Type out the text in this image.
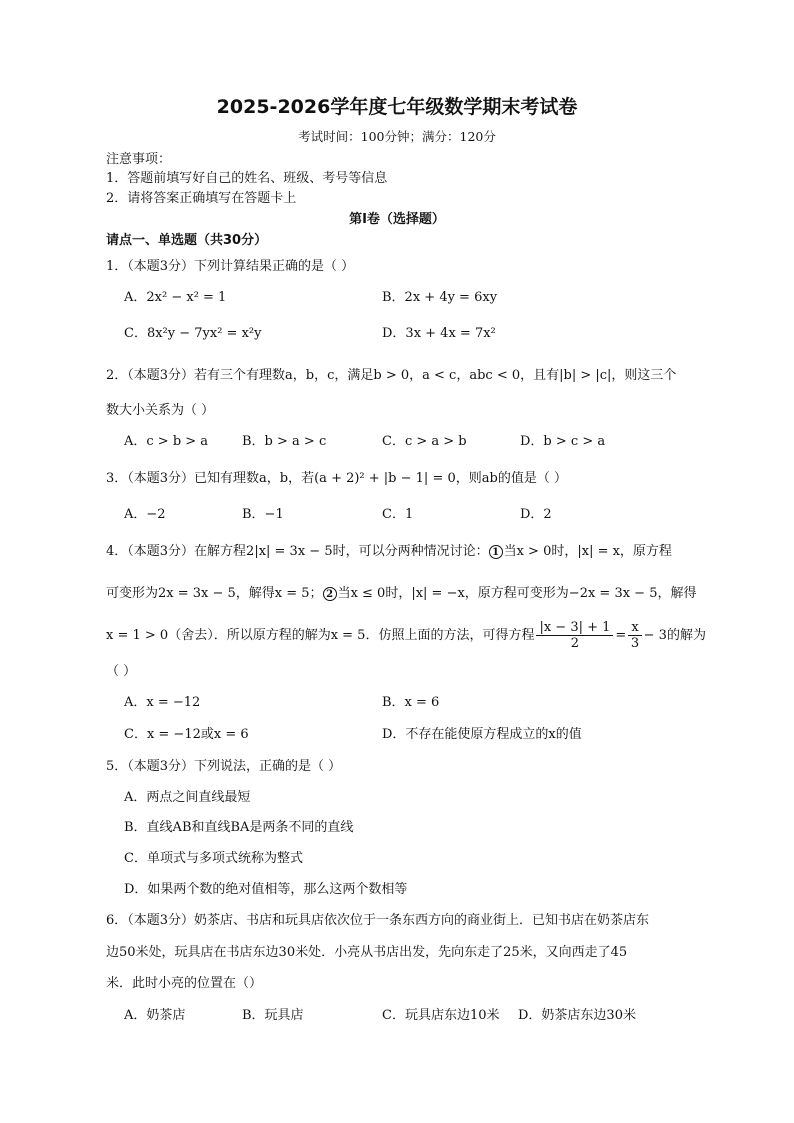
2025-2026学年度七年级数学期末考试卷
考试时间：100分钟；满分：120分
注意事项：
1．答题前填写好自己的姓名、班级、考号等信息
2．请将答案正确填写在答题卡上
第I卷（选择题）
请点一、单选题（共30分）
1．（本题3分）下列计算结果正确的是（ ）
A．2x² − x² = 1	B．2x + 4y = 6xy
C．8x²y − 7yx² = x²y	D．3x + 4x = 7x²
2．（本题3分）若有三个有理数a，b，c，满足b > 0，a < c，abc < 0，且有|b| > |c|，则这三个
数大小关系为（ ）
A．c > b > a	B．b > a > c	C．c > a > b	D．b > c > a
3．（本题3分）已知有理数a，b，若(a + 2)² + |b − 1| = 0，则ab的值是（ ）
A．−2	B．−1	C．1	D．2
4．（本题3分）在解方程2|x| = 3x − 5时，可以分两种情况讨论： 1 当x > 0时，|x| = x，原方程
可变形为2x = 3x − 5，解得x = 5； 2 当x ≤ 0时，|x| = −x，原方程可变形为−2x = 3x − 5，解得
x = 1 > 0（舍去）．所以原方程的解为x = 5．仿照上面的方法，可得方程 $\frac{|x - 3| + 1}{2} = \frac{x}{3} - 3$的解为
（ ）
A．x = −12	B．x = 6
C．x = −12或x = 6	D．不存在能使原方程成立的x的值
5．（本题3分）下列说法，正确的是（ ）
A．两点之间直线最短
B．直线AB和直线BA是两条不同的直线
C．单项式与多项式统称为整式
D．如果两个数的绝对值相等，那么这两个数相等
6．（本题3分）奶茶店、书店和玩具店依次位于一条东西方向的商业街上．已知书店在奶茶店东
边50米处，玩具店在书店东边30米处．小亮从书店出发，先向东走了25米，又向西走了45
米．此时小亮的位置在（）
A．奶茶店	B．玩具店	C．玩具店东边10米 D．奶茶店东边30米
